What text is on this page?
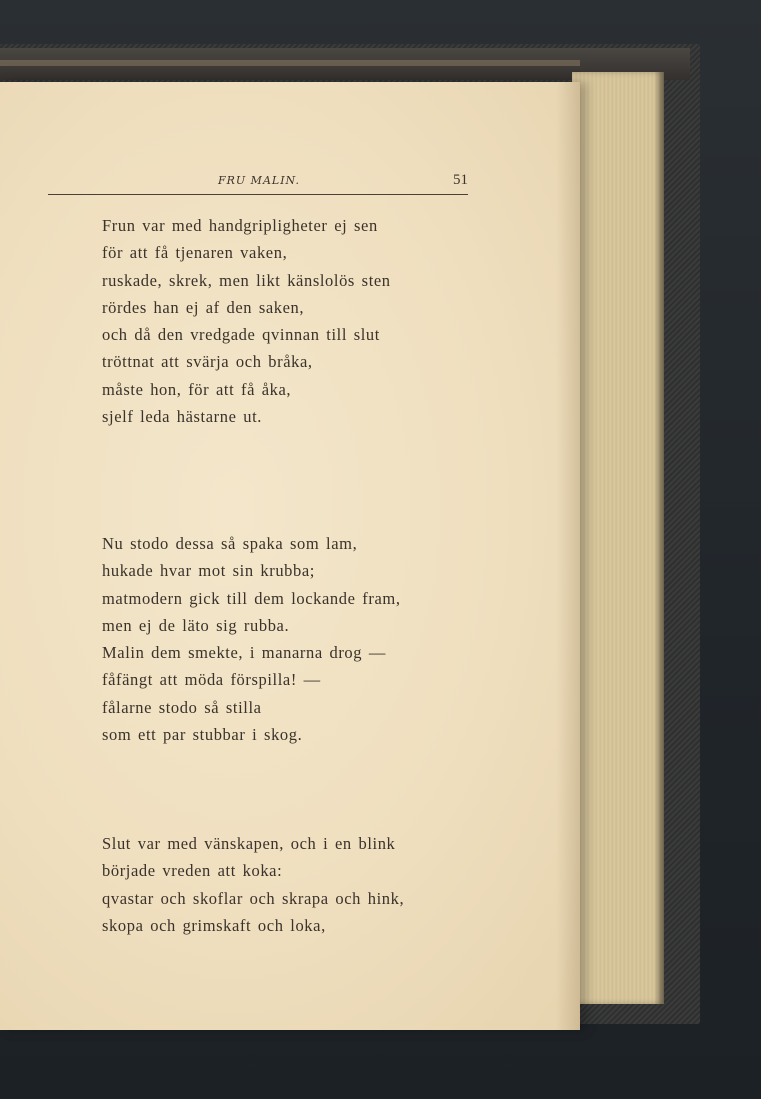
FRU MALIN.	51
Frun var med handgripligheter ej sen
för att få tjenaren vaken,
ruskade, skrek, men likt känslolös sten
rördes han ej af den saken,
och då den vredgade qvinnan till slut
tröttnat att svärja och bråka,
måste hon, för att få åka,
sjelf leda hästarne ut.
Nu stodo dessa så spaka som lam,
hukade hvar mot sin krubba;
matmodern gick till dem lockande fram,
men ej de läto sig rubba.
Malin dem smekte, i manarna drog —
fåfängt att möda förspilla! —
fålarne stodo så stilla
som ett par stubbar i skog.
Slut var med vänskapen, och i en blink
började vreden att koka:
qvastar och skoflar och skrapa och hink,
skopa och grimskaft och loka,
